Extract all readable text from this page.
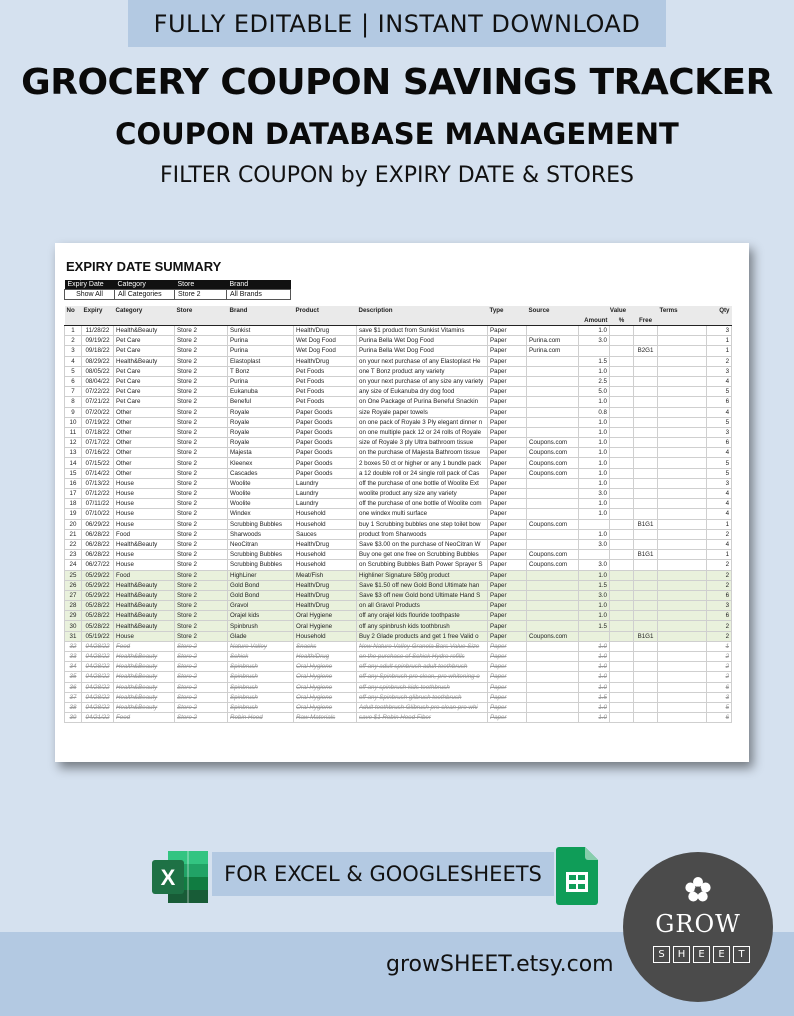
FULLY EDITABLE | INSTANT DOWNLOAD
GROCERY COUPON SAVINGS TRACKER
COUPON DATABASE MANAGEMENT
FILTER COUPON by EXPIRY DATE & STORES
EXPIRY DATE SUMMARY
Expiry Date	Category	Store	Brand
Show All	All Categories	Store 2	All Brands
No	Expiry	Category	Store	Brand	Product	Description	Type	Source	Value			Terms	Qty
									Amount	%	Free		
1	11/28/22	Health&Beauty	Store 2	Sunkist	Health/Drug	save $1 product from Sunkist Vitamins	Paper		1.0				3
2	09/19/22	Pet Care	Store 2	Purina	Wet Dog Food	Purina Bella Wet Dog Food	Paper	Purina.com	3.0				1
3	09/18/22	Pet Care	Store 2	Purina	Wet Dog Food	Purina Bella Wet Dog Food	Paper	Purina.com			B2G1		1
4	08/29/22	Health&Beauty	Store 2	Elastoplast	Health/Drug	on your next purchase of any Elastoplast He	Paper		1.5				2
5	08/05/22	Pet Care	Store 2	T Bonz	Pet Foods	one T Bonz product any variety	Paper		1.0				3
6	08/04/22	Pet Care	Store 2	Purina	Pet Foods	on your next purchase of any size any variety	Paper		2.5				4
7	07/22/22	Pet Care	Store 2	Eukanuba	Pet Foods	any size of Eukanuba dry dog food	Paper		5.0				5
8	07/21/22	Pet Care	Store 2	Beneful	Pet Foods	on One Package of Purina Beneful Snackin	Paper		1.0				6
9	07/20/22	Other	Store 2	Royale	Paper Goods	size Royale paper towels	Paper		0.8				4
10	07/19/22	Other	Store 2	Royale	Paper Goods	on one pack of Royale 3 Ply elegant dinner n	Paper		1.0				5
11	07/18/22	Other	Store 2	Royale	Paper Goods	on one multiple pack 12 or 24 rolls of Royale	Paper		1.0				3
12	07/17/22	Other	Store 2	Royale	Paper Goods	size of Royale 3 ply Ultra bathroom tissue	Paper	Coupons.com	1.0				6
13	07/16/22	Other	Store 2	Majesta	Paper Goods	on the purchase of Majesta Bathroom tissue	Paper	Coupons.com	1.0				4
14	07/15/22	Other	Store 2	Kleenex	Paper Goods	2 boxes 50 ct or higher or any 1 bundle pack	Paper	Coupons.com	1.0				5
15	07/14/22	Other	Store 2	Cascades	Paper Goods	a 12 double roll or 24 single roll pack of Cas	Paper	Coupons.com	1.0				5
16	07/13/22	House	Store 2	Woolite	Laundry	off the purchase of one bottle of Woolite Ext	Paper		1.0				3
17	07/12/22	House	Store 2	Woolite	Laundry	woolite product any size any variety	Paper		3.0				4
18	07/11/22	House	Store 2	Woolite	Laundry	off the purchase of one bottle of Woolite com	Paper		1.0				4
19	07/10/22	House	Store 2	Windex	Household	one windex multi surface	Paper		1.0				4
20	06/29/22	House	Store 2	Scrubbing Bubbles	Household	buy 1 Scrubbing bubbles one step toilet bow	Paper	Coupons.com			B1G1		1
21	06/28/22	Food	Store 2	Sharwoods	Sauces	product from Sharwoods	Paper		1.0				2
22	06/28/22	Health&Beauty	Store 2	NeoCitran	Health/Drug	Save $3.00 on the purchase of NeoCitran W	Paper		3.0				4
23	06/28/22	House	Store 2	Scrubbing Bubbles	Household	Buy one get one free on Scrubbing Bubbles	Paper	Coupons.com			B1G1		1
24	06/27/22	House	Store 2	Scrubbing Bubbles	Household	on Scrubbing Bubbles Bath Power Sprayer S	Paper	Coupons.com	3.0				2
25	05/29/22	Food	Store 2	HighLiner	Meat/Fish	Highliner Signature 580g product	Paper		1.0				2
26	05/29/22	Health&Beauty	Store 2	Gold Bond	Health/Drug	Save $1.50 off new Gold Bond Ultimate han	Paper		1.5				2
27	05/29/22	Health&Beauty	Store 2	Gold Bond	Health/Drug	Save $3 off new Gold bond Ultimate Hand S	Paper		3.0				6
28	05/28/22	Health&Beauty	Store 2	Gravol	Health/Drug	on all Gravol Products	Paper		1.0				3
29	05/28/22	Health&Beauty	Store 2	Orajel kids	Oral Hygiene	off any orajel kids flouride toothpaste	Paper		1.0				6
30	05/28/22	Health&Beauty	Store 2	Spinbrush	Oral Hygiene	off any spinbrush kids toothbrush	Paper		1.5				2
31	05/19/22	House	Store 2	Glade	Household	Buy 2 Glade products and get 1 free Valid o	Paper	Coupons.com			B1G1		2
32	04/28/22	Food	Store 2	Nature Valley	Snacks	New Nature Valley Granola Bars Value Size	Paper		1.0				1
33	04/28/22	Health&Beauty	Store 2	Schick	Health/Drug	on the purchase of Schick Hydro refills	Paper		1.0				2
34	04/28/22	Health&Beauty	Store 2	Spinbrush	Oral Hygiene	off any adult spinbrush adult toothbrush	Paper		1.0				2
35	04/28/22	Health&Beauty	Store 2	Spinbrush	Oral Hygiene	off any Spinbrush pro clean, pro whitening o	Paper		1.0				2
36	04/28/22	Health&Beauty	Store 2	Spinbrush	Oral Hygiene	off any spinbrush kids toothbrush	Paper		1.0				6
37	04/28/22	Health&Beauty	Store 2	Spinbrush	Oral Hygiene	off any Spinbrush glibrush toothbrush	Paper		1.5				3
38	04/28/22	Health&Beauty	Store 2	Spinbrush	Oral Hygiene	Adult toothbrush Glibrush pro clean pro whi	Paper		1.0				5
39	04/21/22	Food	Store 2	Robin Hood	Raw Materials	save $1 Robin Hood Fiber	Paper		1.0				6
X	FOR EXCEL & GOOGLESHEETS
growSHEET.etsy.com
GROW
S	H	E	E	T
